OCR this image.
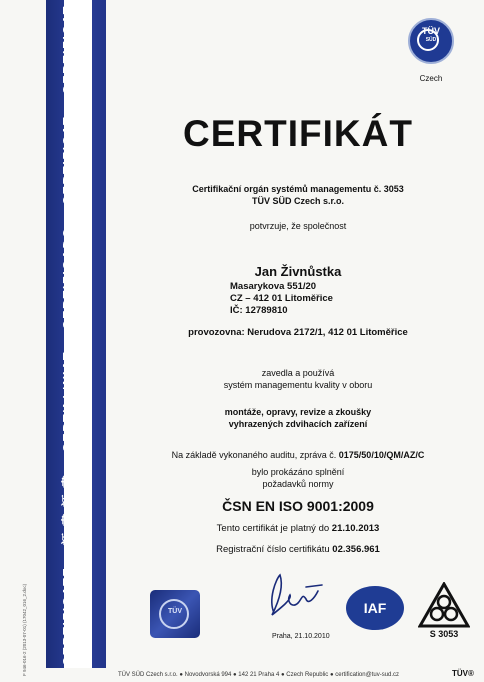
CERTIFICATE ◆ 証 書 証 書 ◆ СЕРТИФИКАТ ◆ CERTIFICADO ◆ CERTIFICAT ◆ CERTIFICAT	TÜV
SÜD
Czech
CERTIFIKÁT
Certifikační orgán systémů managementu č. 3053
TÜV SÜD Czech s.r.o.
potvrzuje, že společnost
Jan Živnůstka
Masarykova 551/20
CZ – 412 01 Litoměřice
IČ: 12789810
provozovna: Nerudova 2172/1, 412 01 Litoměřice
zavedla a používá
systém managementu kvality v oboru
montáže, opravy, revize a zkoušky
vyhrazených zdvihacích zařízení
Na základě vykonaného auditu, zpráva č. 0175/50/10/QM/AZ/C
bylo prokázáno splnění
požadavků normy
ČSN EN ISO 9001:2009
Tento certifikát je platný do 21.10.2013
Registrační číslo certifikátu 02.356.961
TÜV
Praha, 21.10.2010
IAF
S 3053
TÜV SÜD Czech s.r.o. ● Novodvorská 994 ● 142 21 Praha 4 ● Czech Republic ● certification@tuv-sud.cz	TÜV®
F 946-016-2 (2013-07-01) (17042_016_2.doc)
